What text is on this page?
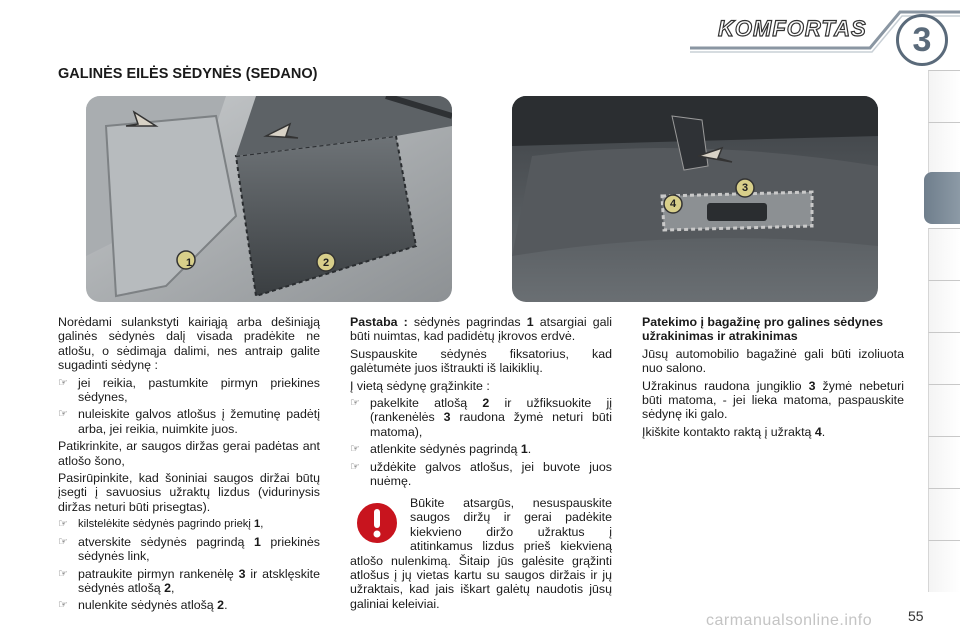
KOMFORTAS	3
GALINĖS EILĖS SĖDYNĖS (SEDANO)
1	2
3
4

Norėdami sulankstyti kairiąją arba dešiniąją galinės sėdynės dalį visada pradėkite ne atlošu, o sėdimąja dalimi, nes antraip galite sugadinti sėdynę :

☞ jei reikia, pastumkite pirmyn priekines sėdynes,
☞ nuleiskite galvos atlošus į žemutinę padėtį arba, jei reikia, nuimkite juos.

Patikrinkite, ar saugos diržas gerai padėtas ant atlošo šono,

Pasirūpinkite, kad šoniniai saugos diržai būtų įsegti į savuosius užraktų lizdus (vidurinysis diržas neturi būti prisegtas).

☞ kilstelėkite sėdynės pagrindo priekį 1,
☞ atverskite sėdynės pagrindą 1 priekinės sėdynės link,
☞ patraukite pirmyn rankenėlę 3 ir atsklęskite sėdynės atlošą 2,
☞ nulenkite sėdynės atlošą 2.

Pastaba : sėdynės pagrindas 1 atsargiai gali būti nuimtas, kad padidėtų įkrovos erdvė.

Suspauskite sėdynės fiksatorius, kad galėtumėte juos ištraukti iš laikiklių.

Į vietą sėdynę grąžinkite :

☞ pakelkite atlošą 2 ir užfiksuokite jį (rankenėlės 3 raudona žymė neturi būti matoma),
☞ atlenkite sėdynės pagrindą 1.
☞ uždėkite galvos atlošus, jei buvote juos nuėmę.
Būkite atsargūs, nesuspauskite saugos diržų ir gerai padėkite kiekvieno diržo užraktus į atitinkamus lizdus prieš kiekvieną atlošo nulenkimą. Šitaip jūs galėsite grąžinti atlošus į jų vietas kartu su saugos diržais ir jų užraktais, kad jais iškart galėtų naudotis jūsų galiniai keleiviai.

Patekimo į bagažinę pro galines sėdynes užrakinimas ir atrakinimas

Jūsų automobilio bagažinė gali būti izoliuota nuo salono.

Užrakinus raudona jungiklio 3 žymė nebeturi būti matoma, - jei lieka matoma, paspauskite sėdynę iki galo.

Įkiškite kontakto raktą į užraktą 4.

carmanualsonline.info	55
